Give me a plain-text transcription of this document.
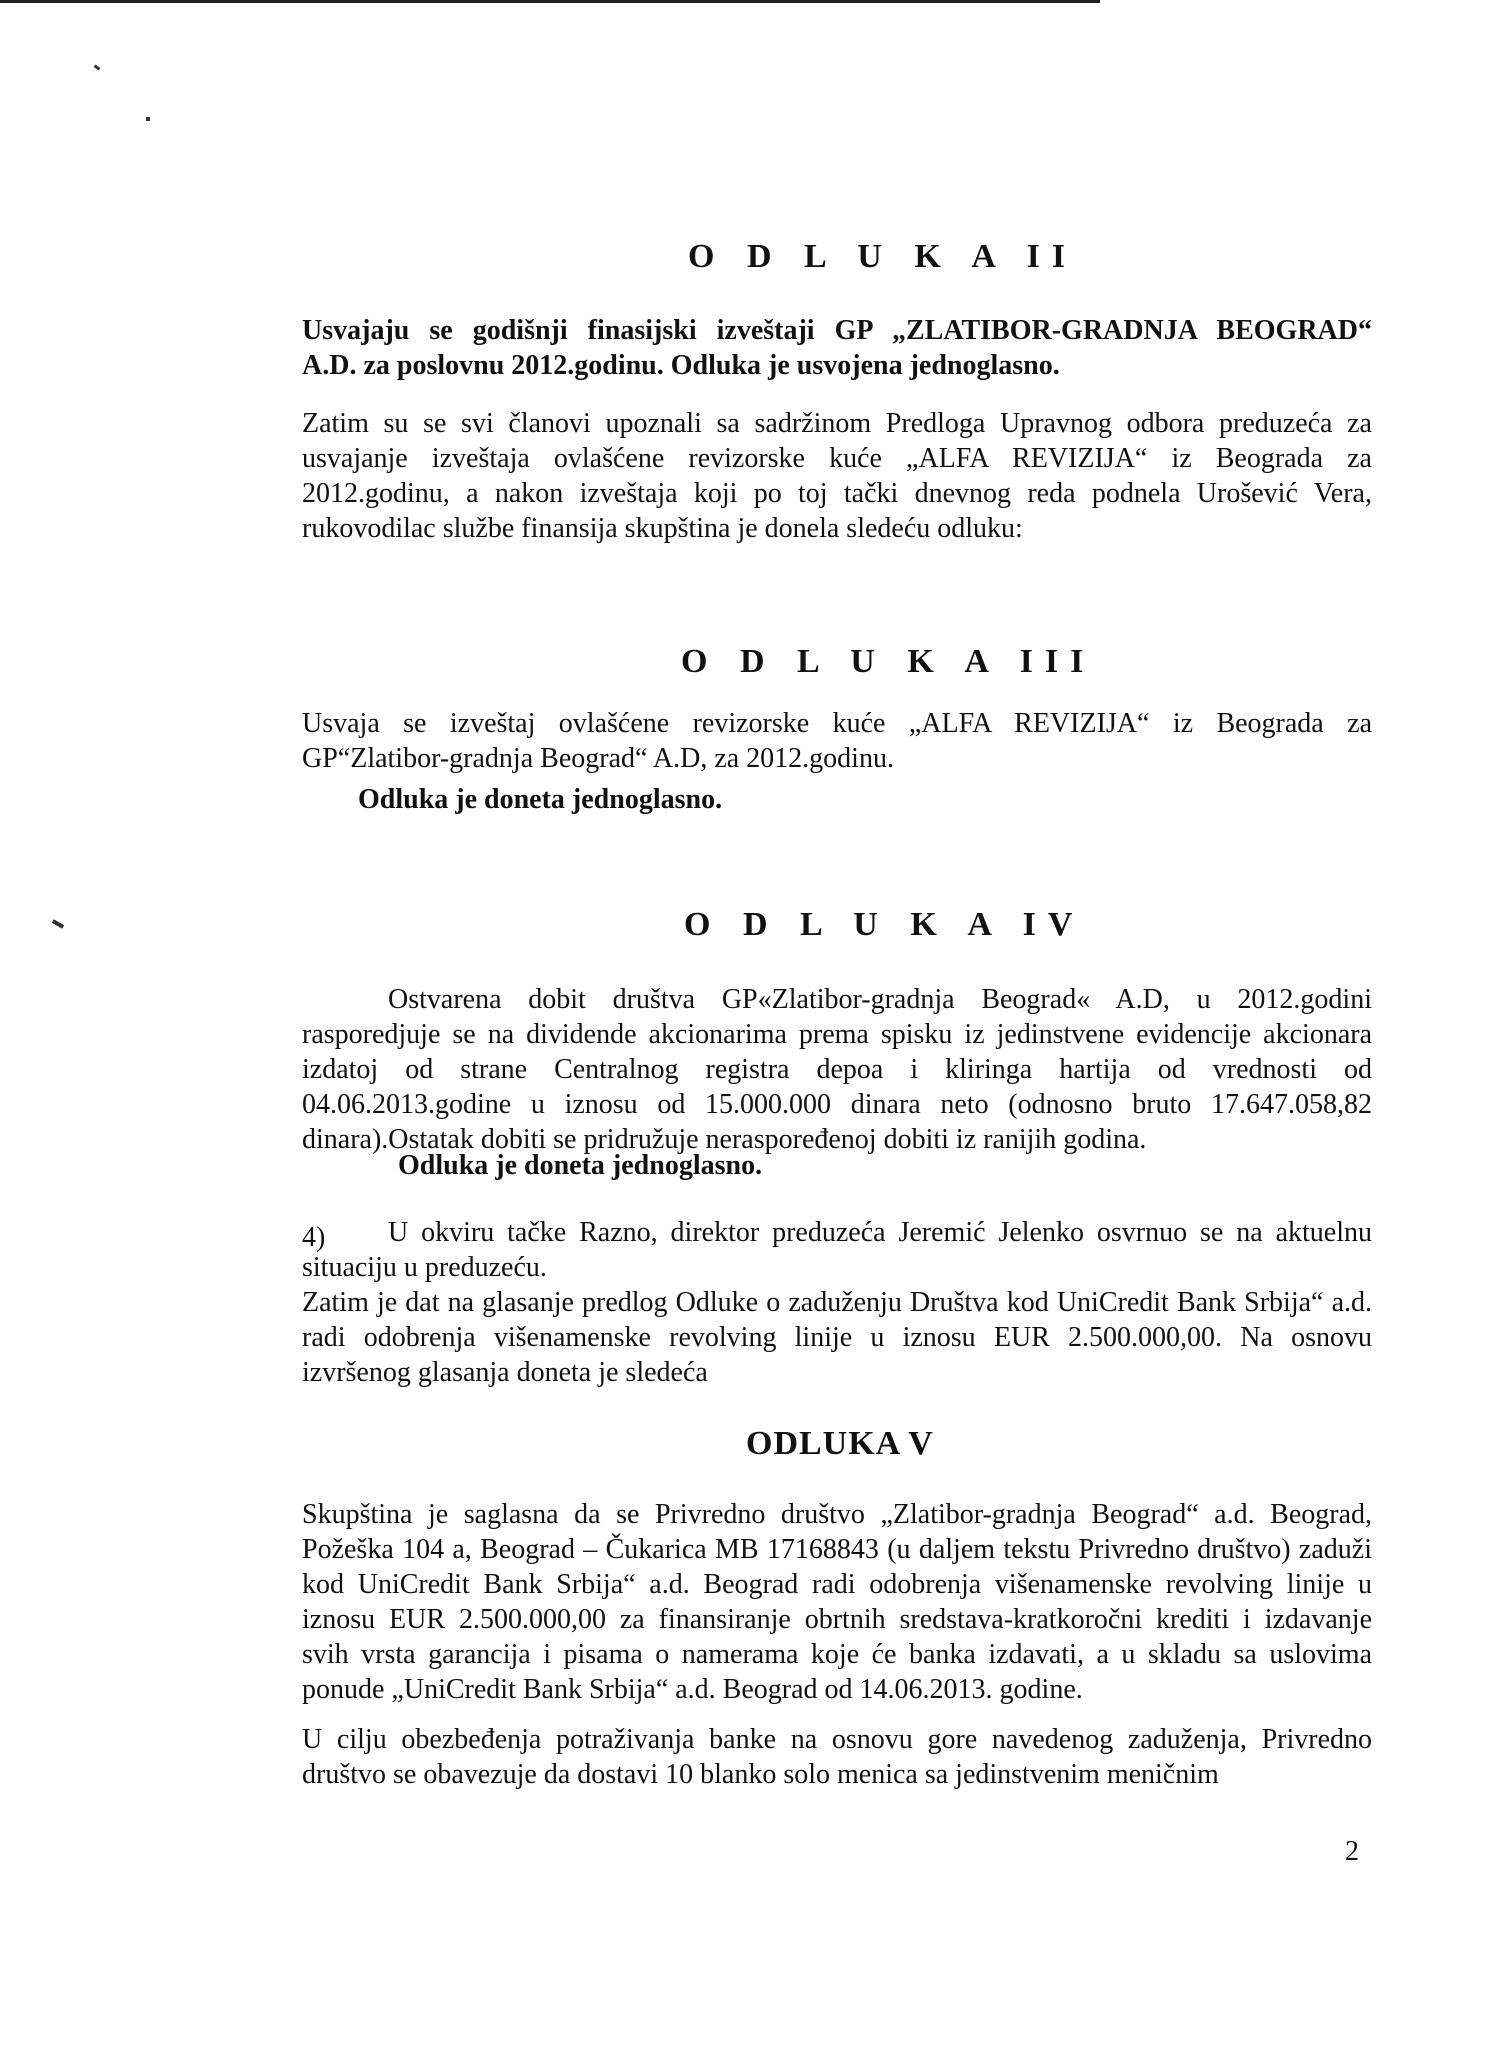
O D L U K A II
Usvajaju se godišnji finasijski izveštaji GP „ZLATIBOR-GRADNJA BEOGRAD“
A.D. za poslovnu 2012.godinu. Odluka je usvojena jednoglasno.
Zatim su se svi članovi upoznali sa sadržinom Predloga Upravnog odbora preduzeća za
usvajanje izveštaja ovlašćene revizorske kuće „ALFA REVIZIJA“ iz Beograda za
2012.godinu, a nakon izveštaja koji po toj tački dnevnog reda podnela Urošević Vera,
rukovodilac službe finansija skupština je donela sledeću odluku:
O D L U K A III
Usvaja se izveštaj ovlašćene revizorske kuće „ALFA REVIZIJA“ iz Beograda za
GP“Zlatibor-gradnja Beograd“ A.D, za 2012.godinu.
Odluka je doneta jednoglasno.
O D L U K A IV
Ostvarena dobit društva GP«Zlatibor-gradnja Beograd« A.D, u 2012.godini
rasporedjuje se na dividende akcionarima prema spisku iz jedinstvene evidencije akcionara
izdatoj od strane Centralnog registra depoa i kliringa hartija od vrednosti od
04.06.2013.godine u iznosu od 15.000.000 dinara neto (odnosno bruto 17.647.058,82
dinara).Ostatak dobiti se pridružuje neraspoređenoj dobiti iz ranijih godina.
Odluka je doneta jednoglasno.
4)	U okviru tačke Razno, direktor preduzeća Jeremić Jelenko osvrnuo se na aktuelnu
situaciju u preduzeću.
Zatim je dat na glasanje predlog Odluke o zaduženju Društva kod UniCredit Bank Srbija“ a.d.
radi odobrenja višenamenske revolving linije u iznosu EUR 2.500.000,00. Na osnovu
izvršenog glasanja doneta je sledeća
ODLUKA V
Skupština je saglasna da se Privredno društvo „Zlatibor-gradnja Beograd“ a.d. Beograd,
Požeška 104 a, Beograd – Čukarica MB 17168843 (u daljem tekstu Privredno društvo) zaduži
kod UniCredit Bank Srbija“ a.d. Beograd radi odobrenja višenamenske revolving linije u
iznosu EUR 2.500.000,00 za finansiranje obrtnih sredstava-kratkoročni krediti i izdavanje
svih vrsta garancija i pisama o namerama koje će banka izdavati, a u skladu sa uslovima
ponude „UniCredit Bank Srbija“ a.d. Beograd od 14.06.2013. godine.
U cilju obezbeđenja potraživanja banke na osnovu gore navedenog zaduženja, Privredno
društvo se obavezuje da dostavi 10 blanko solo menica sa jedinstvenim meničnim
2
